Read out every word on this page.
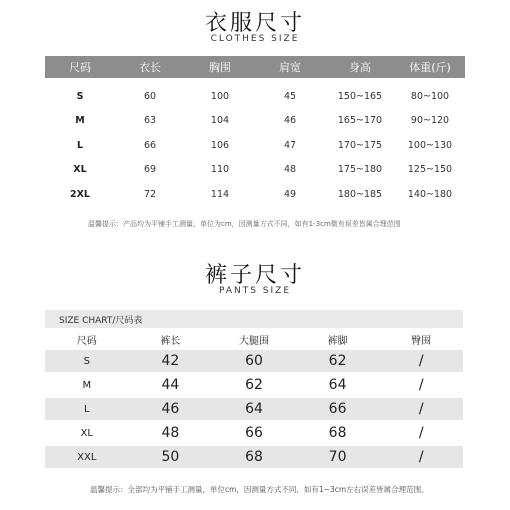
衣服尺寸
CLOTHES SIZE
尺码	衣长	胸围	肩宽	身高	体重(斤)
S	60	100	45	150~165	80~100
M	63	104	46	165~170	90~120
L	66	106	47	170~175	100~130
XL	69	110	48	175~180	125~150
2XL	72	114	49	180~185	140~180
温馨提示：产品均为平铺手工测量，单位为cm，因测量方式不同，如有1-3cm微有误差皆属合理范围
裤子尺寸
PANTS SIZE
SIZE CHART/尺码表
尺码	裤长	大腿围	裤脚	臀围
S	42	60	62	/
M	44	62	64	/
L	46	64	66	/
XL	48	66	68	/
XXL	50	68	70	/
温馨提示：全部均为平铺手工测量，单位cm，因测量方式不同，如有1~3cm左右误差皆属合理范围。
